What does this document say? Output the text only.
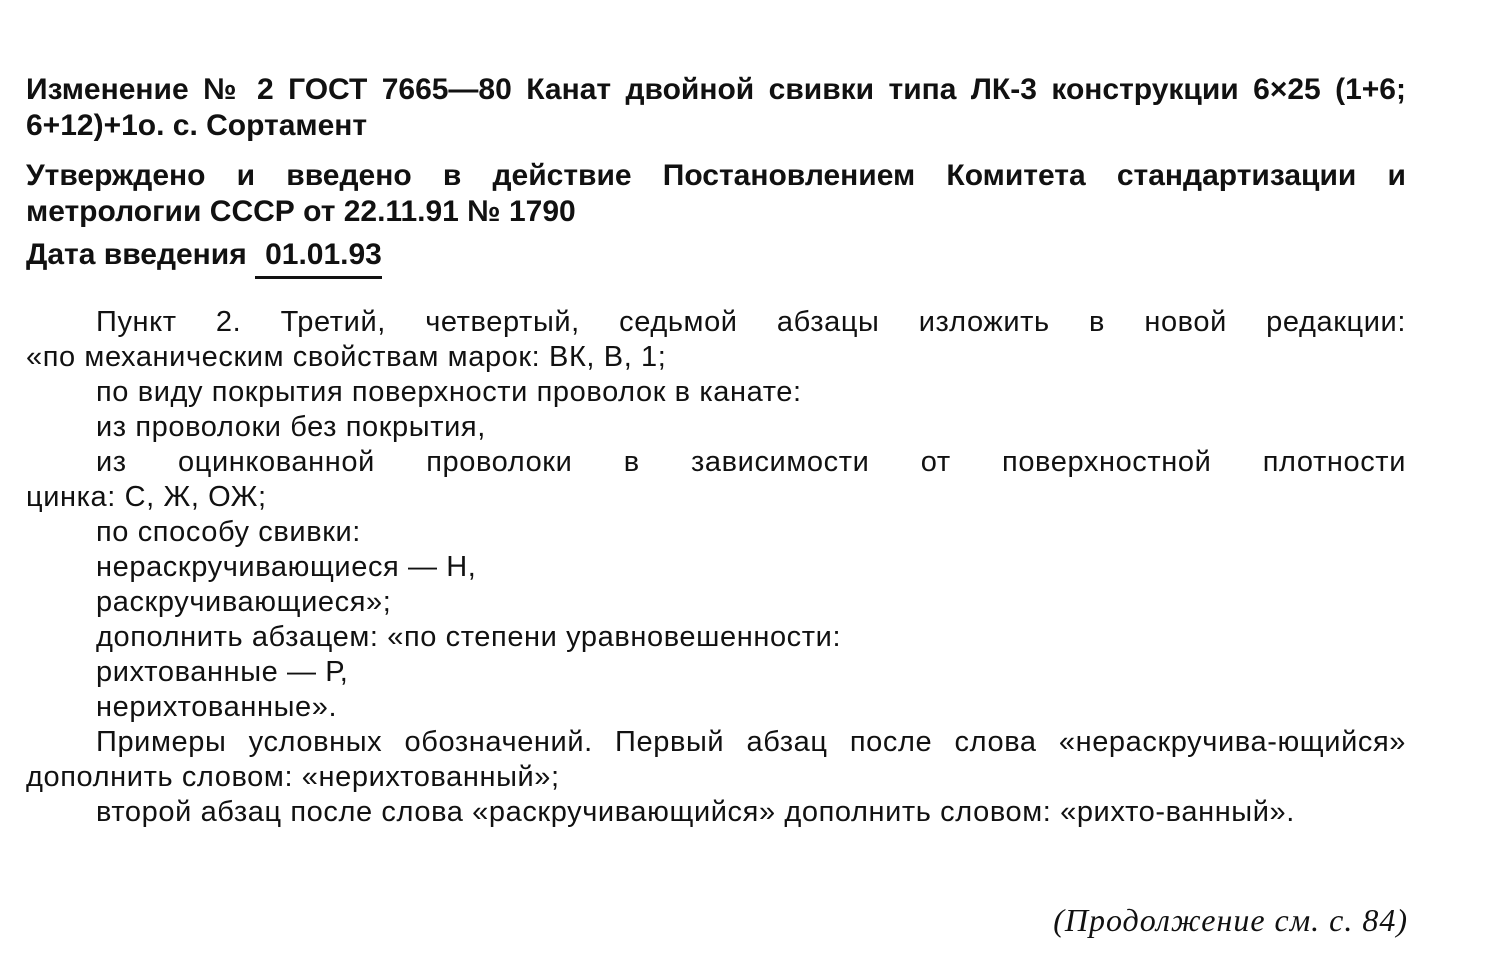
Изменение № 2 ГОСТ 7665—80 Канат двойной свивки типа ЛК-3 конструкции 6×25 (1+6; 6+12)+1о. с. Сортамент

Утверждено и введено в действие Постановлением Комитета стандартизации и метрологии СССР от 22.11.91 № 1790

Дата введения 01.01.93

Пункт 2. Третий, четвертый, седьмой абзацы изложить в новой редакции:

«по механическим свойствам марок: ВК, В, 1;

по виду покрытия поверхности проволок в канате:

из проволоки без покрытия,

из оцинкованной проволоки в зависимости от поверхностной плотности

цинка: С, Ж, ОЖ;

по способу свивки:

нераскручивающиеся — Н,

раскручивающиеся»;

дополнить абзацем: «по степени уравновешенности:

рихтованные — Р,

нерихтованные».

Примеры условных обозначений. Первый абзац после слова «нераскручива-ющийся» дополнить словом: «нерихтованный»;

второй абзац после слова «раскручивающийся» дополнить словом: «рихто-ванный».

(Продолжение см. с. 84)
